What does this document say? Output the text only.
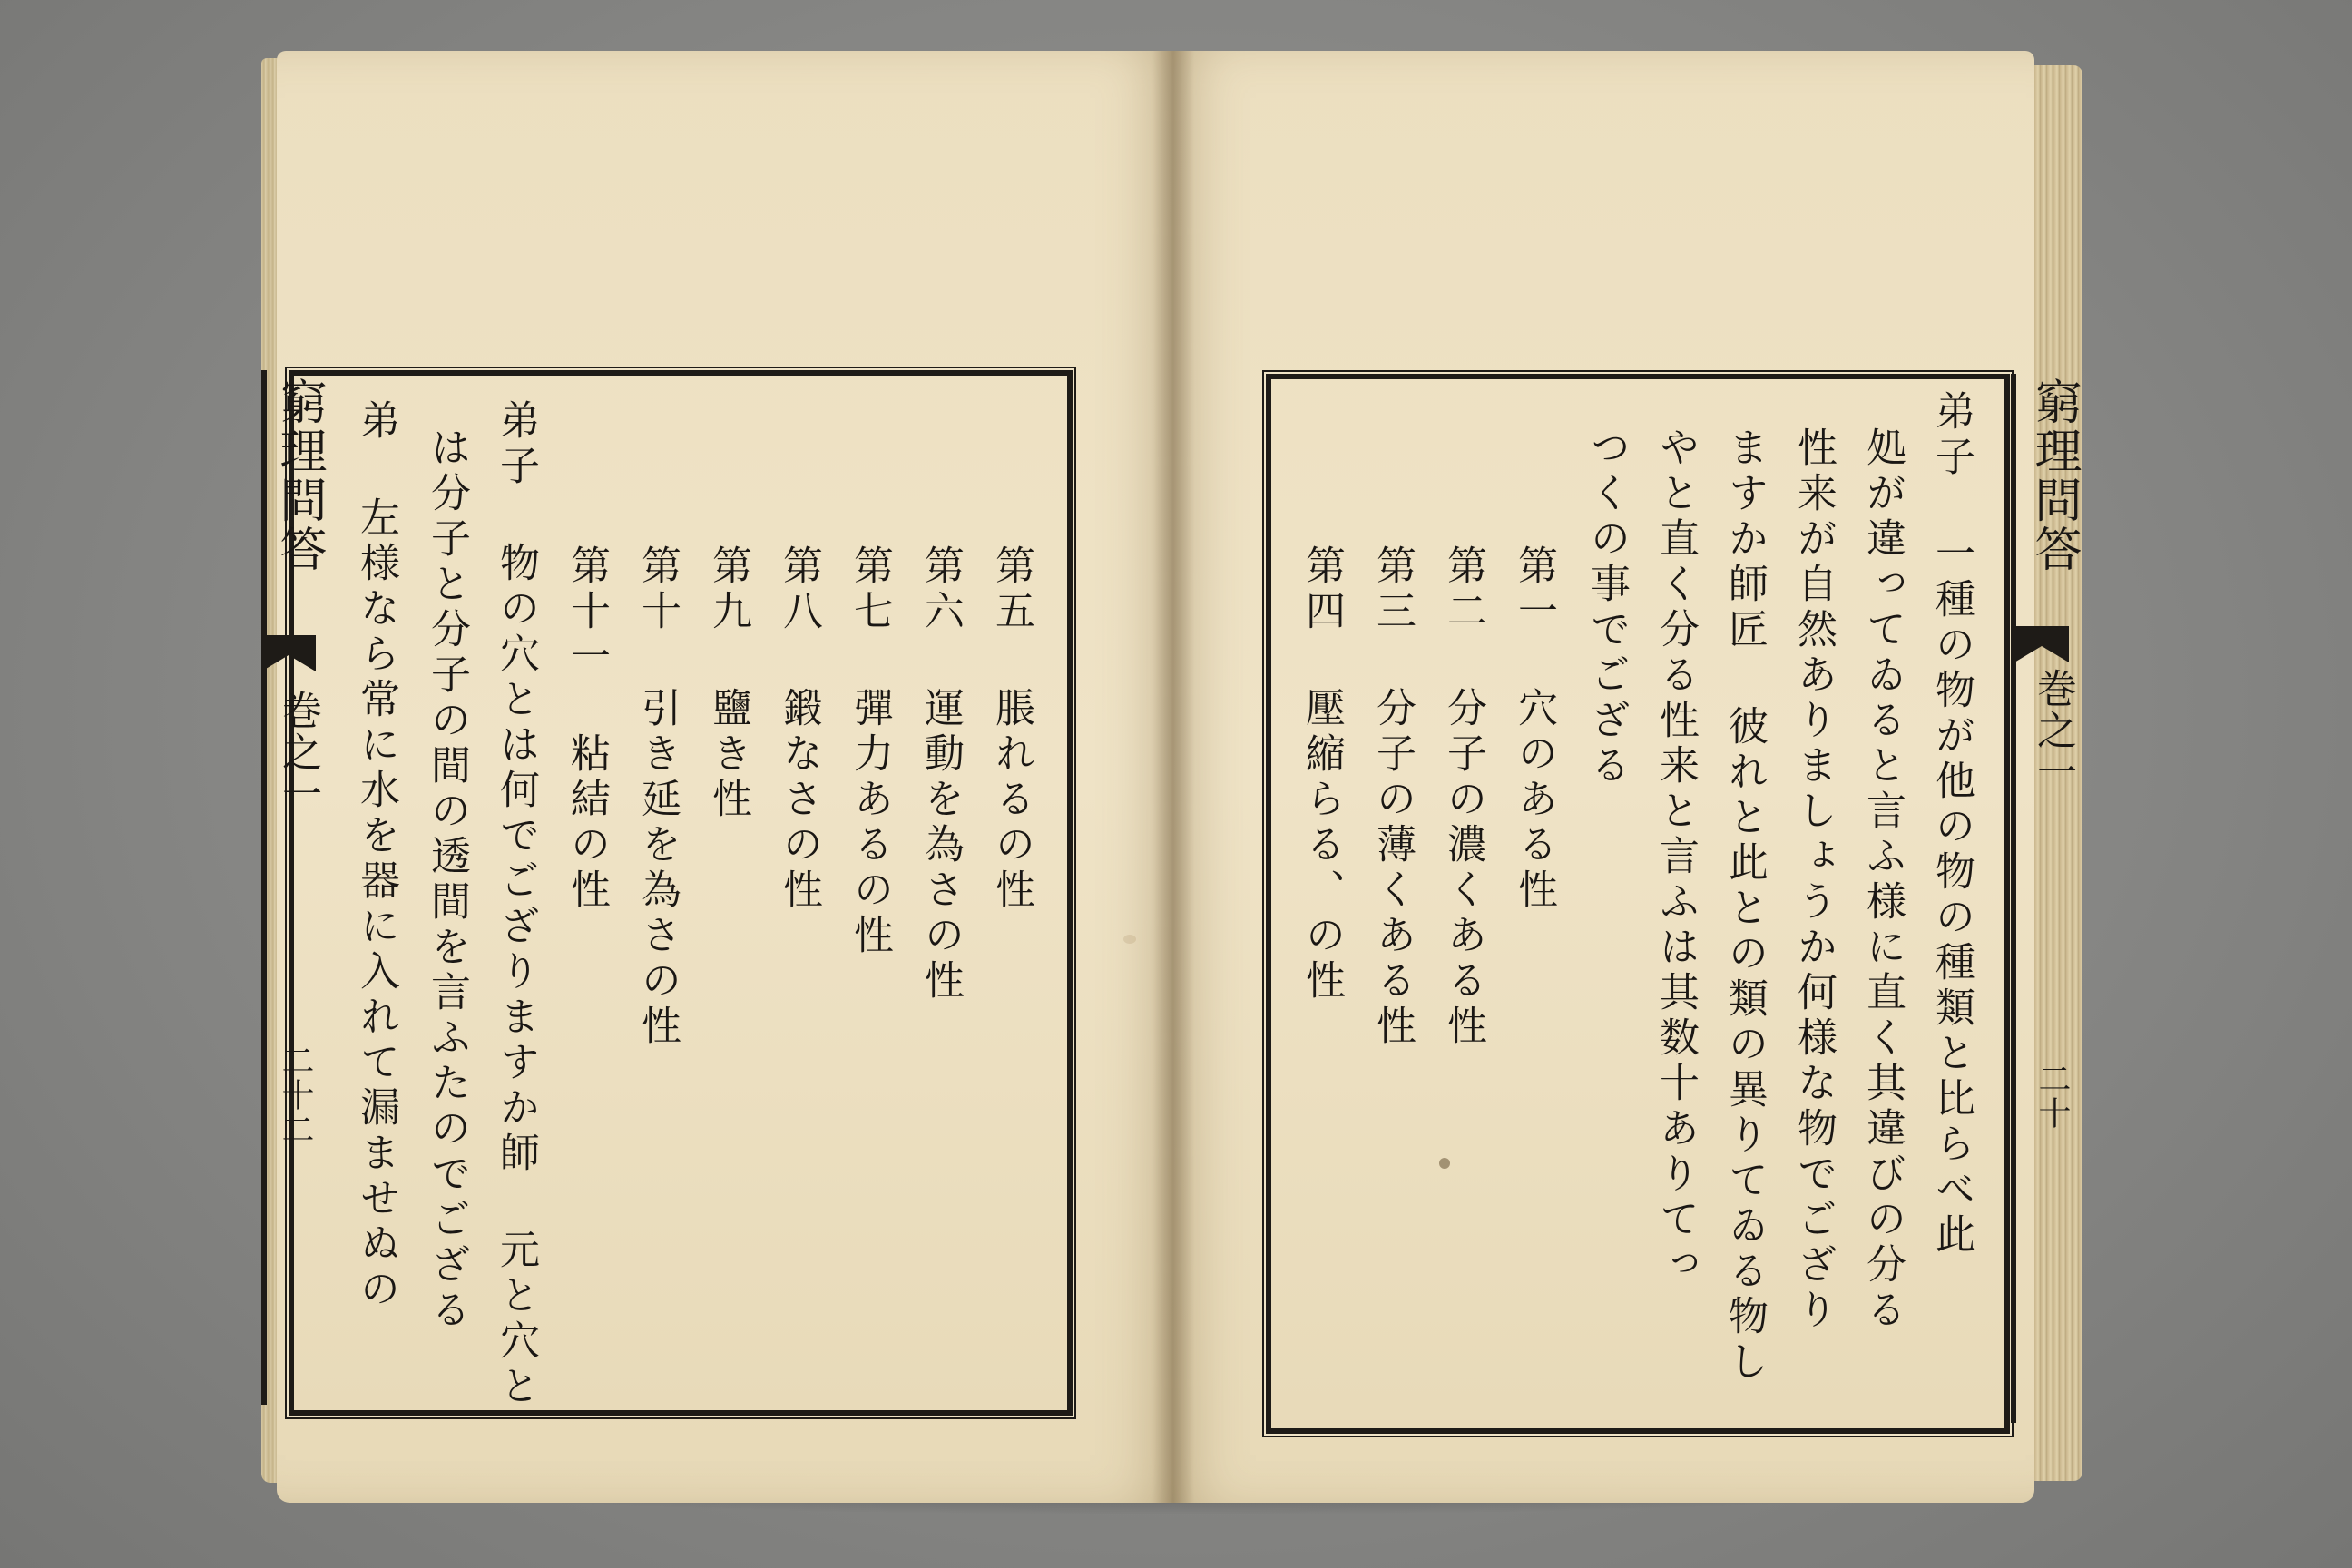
窮理問答
巻之一
二十二
窮理問答
巻之一
二十
弟子 一種の物が他の物の種類と比らべ此
処が違ってゐると言ふ様に直く其違びの分る
性来が自然ありましょうか何様な物でござり
ますか師匠 彼れと此との類の異りてゐる物し
やと直く分る性来と言ふは其数十ありてっ
つくの事でござる
第一 穴のある性
第二 分子の濃くある性
第三 分子の薄くある性
第四 壓縮らる、の性
第五 脹れるの性
第六 運動を為さの性
第七 彈力あるの性
第八 鍛なさの性
第九 鹽き性
第十 引き延を為さの性
第十一 粘結の性
弟子 物の穴とは何でござりますか師 元と穴と
は分子と分子の間の透間を言ふたのでござる
弟 左様なら常に水を器に入れて漏ませぬの
